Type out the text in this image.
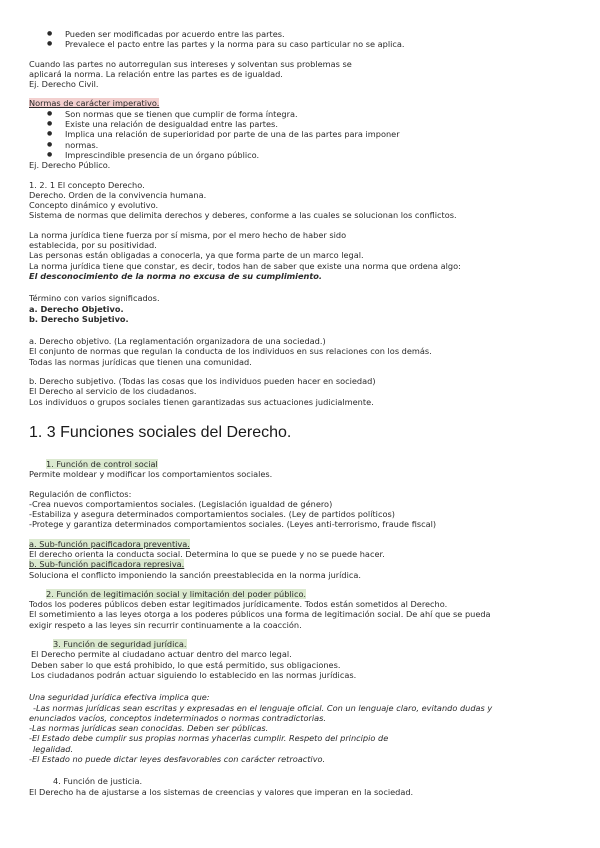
● Pueden ser modificadas por acuerdo entre las partes.
● Prevalece el pacto entre las partes y la norma para su caso particular no se aplica.

Cuando las partes no autorregulan sus intereses y solventan sus problemas se

aplicará la norma. La relación entre las partes es de igualdad.

Ej. Derecho Civil.

Normas de carácter imperativo.

● Son normas que se tienen que cumplir de forma íntegra.
● Existe una relación de desigualdad entre las partes.
● Implica una relación de superioridad por parte de una de las partes para imponer
● normas.
● Imprescindible presencia de un órgano público.

Ej. Derecho Público.

1. 2. 1 El concepto Derecho.

Derecho. Orden de la convivencia humana.

Concepto dinámico y evolutivo.

Sistema de normas que delimita derechos y deberes, conforme a las cuales se solucionan los conflictos.

La norma jurídica tiene fuerza por sí misma, por el mero hecho de haber sido

establecida, por su positividad.

Las personas están obligadas a conocerla, ya que forma parte de un marco legal.

La norma jurídica tiene que constar, es decir, todos han de saber que existe una norma que ordena algo:

El desconocimiento de la norma no excusa de su cumplimiento.

Término con varios significados.

a. Derecho Objetivo.

b. Derecho Subjetivo.

a. Derecho objetivo. (La reglamentación organizadora de una sociedad.)

El conjunto de normas que regulan la conducta de los individuos en sus relaciones con los demás.

Todas las normas jurídicas que tienen una comunidad.

b. Derecho subjetivo. (Todas las cosas que los individuos pueden hacer en sociedad)

El Derecho al servicio de los ciudadanos.

Los individuos o grupos sociales tienen garantizadas sus actuaciones judicialmente.

1. 3 Funciones sociales del Derecho.

1. Función de control social

Permite moldear y modificar los comportamientos sociales.

Regulación de conflictos:

-Crea nuevos comportamientos sociales. (Legislación igualdad de género)

-Estabiliza y asegura determinados comportamientos sociales. (Ley de partidos políticos)

-Protege y garantiza determinados comportamientos sociales. (Leyes anti-terrorismo, fraude fiscal)

a. Sub-función pacificadora preventiva.

El derecho orienta la conducta social. Determina lo que se puede y no se puede hacer.

b. Sub-función pacificadora represiva.

Soluciona el conflicto imponiendo la sanción preestablecida en la norma jurídica.

2. Función de legitimación social y limitación del poder público.

Todos los poderes públicos deben estar legitimados jurídicamente. Todos están sometidos al Derecho.

El sometimiento a las leyes otorga a los poderes públicos una forma de legitimación social. De ahí que se pueda

exigir respeto a las leyes sin recurrir continuamente a la coacción.

3. Función de seguridad jurídica.

El Derecho permite al ciudadano actuar dentro del marco legal.

Deben saber lo que está prohibido, lo que está permitido, sus obligaciones.

Los ciudadanos podrán actuar siguiendo lo establecido en las normas jurídicas.

Una seguridad jurídica efectiva implica que:

-Las normas jurídicas sean escritas y expresadas en el lenguaje oficial. Con un lenguaje claro, evitando dudas y

enunciados vacíos, conceptos indeterminados o normas contradictorias.

-Las normas jurídicas sean conocidas. Deben ser públicas.

-El Estado debe cumplir sus propias normas yhacerlas cumplir. Respeto del principio de

legalidad.

-El Estado no puede dictar leyes desfavorables con carácter retroactivo.

4. Función de justicia.

El Derecho ha de ajustarse a los sistemas de creencias y valores que imperan en la sociedad.
